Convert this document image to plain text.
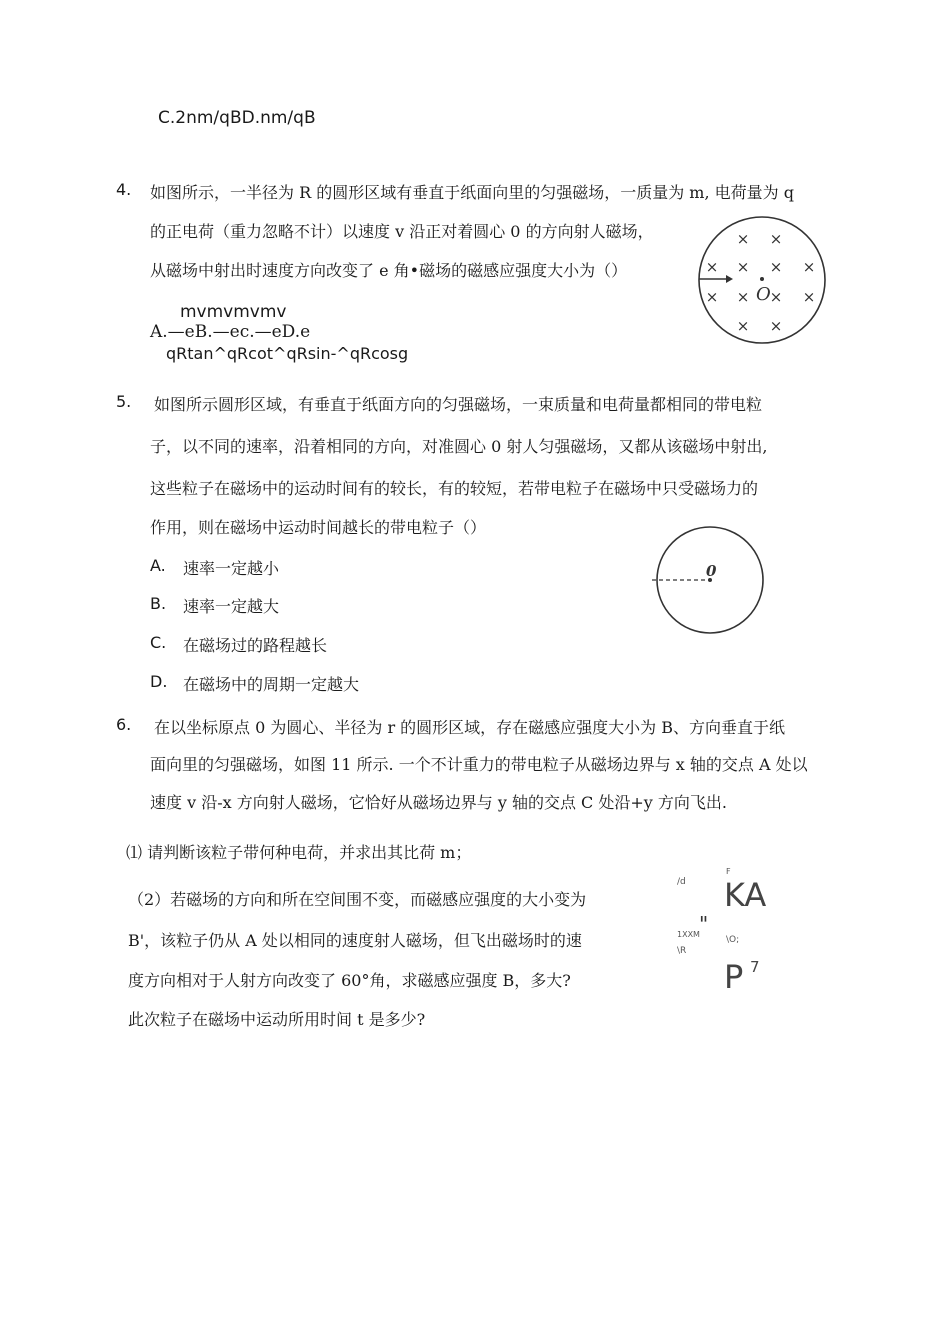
C.2nm/qBD.nm/qB
4. 如图所示，一半径为 R 的圆形区域有垂直于纸面向里的匀强磁场，一质量为 m, 电荷量为 q
的正电荷（重力忽略不计）以速度 v 沿正对着圆心 0 的方向射人磁场，
从磁场中射出时速度方向改变了 e 角•磁场的磁感应强度大小为（）
mvmvmvmv
A.—eB.—ec.—eD.e
qRtan^qRcot^qRsin-^qRcosg
× ×
× × × ×
× × × ×
× ×
O
5. 如图所示圆形区域，有垂直于纸面方向的匀强磁场，一束质量和电荷量都相同的带电粒
子，以不同的速率，沿着相同的方向，对准圆心 0 射人匀强磁场，又都从该磁场中射出,
这些粒子在磁场中的运动时间有的较长，有的较短，若带电粒子在磁场中只受磁场力的
作用，则在磁场中运动时间越长的带电粒子（）
A. 速率一定越小
B. 速率一定越大
C. 在磁场过的路程越长
D. 在磁场中的周期一定越大
0
6. 在以坐标原点 0 为圆心、半径为 r 的圆形区域，存在磁感应强度大小为 B、方向垂直于纸
面向里的匀强磁场，如图 11 所示. 一个不计重力的带电粒子从磁场边界与 x 轴的交点 A 处以
速度 v 沿-x 方向射人磁场，它恰好从磁场边界与 y 轴的交点 C 处沿+y 方向飞出.
⑴ 请判断该粒子带何种电荷，并求出其比荷 m；
（2）若磁场的方向和所在空间围不变，而磁感应强度的大小变为
B'，该粒子仍从 A 处以相同的速度射人磁场，但飞出磁场时的速
度方向相对于人射方向改变了 60°角，求磁感应强度 B，多大?
此次粒子在磁场中运动所用时间 t 是多少?
/d
F
KA
1XXM "
\O;
\R
P 7
